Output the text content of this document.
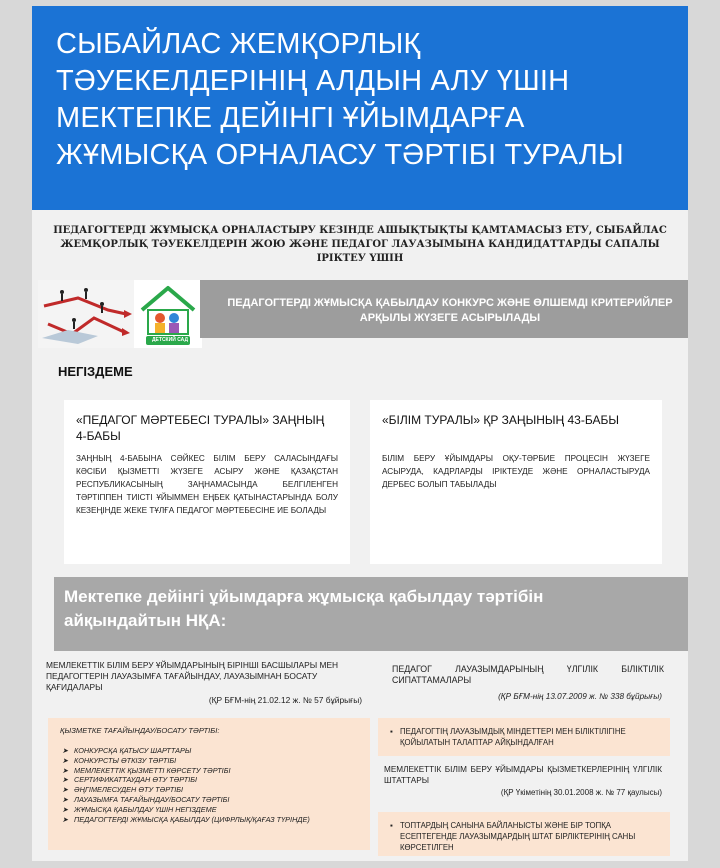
СЫБАЙЛАС ЖЕМҚОРЛЫҚ ТӘУЕКЕЛДЕРІНІҢ АЛДЫН АЛУ ҮШІН МЕКТЕПКЕ ДЕЙІНГІ ҰЙЫМДАРҒА ЖҰМЫСҚА ОРНАЛАСУ ТӘРТІБІ ТУРАЛЫ
ПЕДАГОГТЕРДІ ЖҰМЫСҚА ОРНАЛАСТЫРУ КЕЗІНДЕ АШЫҚТЫҚТЫ ҚАМТАМАСЫЗ ЕТУ, СЫБАЙЛАС ЖЕМҚОРЛЫҚ ТӘУЕКЕЛДЕРІН ЖОЮ ЖӘНЕ ПЕДАГОГ ЛАУАЗЫМЫНА КАНДИДАТТАРДЫ САПАЛЫ ІРІКТЕУ ҮШІН
ДЕТСКИЙ САД
ПЕДАГОГТЕРДІ ЖҰМЫСҚА ҚАБЫЛДАУ КОНКУРС ЖӘНЕ ӨЛШЕМДІ КРИТЕРИЙЛЕР АРҚЫЛЫ ЖҮЗЕГЕ АСЫРЫЛАДЫ
НЕГІЗДЕМЕ
«ПЕДАГОГ МӘРТЕБЕСІ ТУРАЛЫ» ЗАҢНЫҢ 4-БАБЫ
ЗАҢНЫҢ 4-БАБЫНА СӘЙКЕС БІЛІМ БЕРУ САЛАСЫНДАҒЫ КӘСІБИ ҚЫЗМЕТТІ ЖҮЗЕГЕ АСЫРУ ЖӘНЕ ҚАЗАҚСТАН РЕСПУБЛИКАСЫНЫҢ ЗАҢНАМАСЫНДА БЕЛГІЛЕНГЕН ТӘРТІППЕН ТИІСТІ ҰЙЫММЕН ЕҢБЕК ҚАТЫНАСТАРЫНДА БОЛУ КЕЗЕҢІНДЕ ЖЕКЕ ТҰЛҒА ПЕДАГОГ МӘРТЕБЕСІНЕ ИЕ БОЛАДЫ
«БІЛІМ ТУРАЛЫ» ҚР ЗАҢЫНЫҢ 43-БАБЫ
БІЛІМ БЕРУ ҰЙЫМДАРЫ ОҚУ-ТӘРБИЕ ПРОЦЕСІН ЖҮЗЕГЕ АСЫРУДА, КАДРЛАРДЫ ІРІКТЕУДЕ ЖӘНЕ ОРНАЛАСТЫРУДА ДЕРБЕС БОЛЫП ТАБЫЛАДЫ
Мектепке дейінгі ұйымдарға жұмысқа қабылдау тәртібін айқындайтын НҚА:
МЕМЛЕКЕТТІК БІЛІМ БЕРУ ҰЙЫМДАРЫНЫҢ БІРІНШІ БАСШЫЛАРЫ МЕН ПЕДАГОГТЕРІН ЛАУАЗЫМҒА ТАҒАЙЫНДАУ, ЛАУАЗЫМНАН БОСАТУ ҚАҒИДАЛАРЫ
(ҚР БҒМ-нің 21.02.12 ж. № 57 бұйрығы)
ҚЫЗМЕТКЕ ТАҒАЙЫНДАУ/БОСАТУ ТӘРТІБІ:
➤ КОНКУРСҚА ҚАТЫСУ ШАРТТАРЫ
➤ КОНКУРСТЫ ӨТКІЗУ ТӘРТІБІ
➤ МЕМЛЕКЕТТІК ҚЫЗМЕТТІ КӨРСЕТУ ТӘРТІБІ
➤ СЕРТИФИКАТТАУДАН ӨТУ ТӘРТІБІ
➤ ӘҢГІМЕЛЕСУДЕН ӨТУ ТӘРТІБІ
➤ ЛАУАЗЫМҒА ТАҒАЙЫНДАУ/БОСАТУ ТӘРТІБІ
➤ ЖҰМЫСҚА ҚАБЫЛДАУ ҮШІН НЕГІЗДЕМЕ
➤ ПЕДАГОГТЕРДІ ЖҰМЫСҚА ҚАБЫЛДАУ (ЦИФРЛЫҚ/ҚАҒАЗ ТҮРІНДЕ)
ПЕДАГОГ ЛАУАЗЫМДАРЫНЫҢ ҮЛГІЛІК БІЛІКТІЛІК СИПАТТАМАЛАРЫ
(ҚР БҒМ-нің 13.07.2009 ж. № 338 бұйрығы)
▪ ПЕДАГОГТІҢ ЛАУАЗЫМДЫҚ МІНДЕТТЕРІ МЕН БІЛІКТІЛІГІНЕ ҚОЙЫЛАТЫН ТАЛАПТАР АЙҚЫНДАЛҒАН
МЕМЛЕКЕТТІК БІЛІМ БЕРУ ҰЙЫМДАРЫ ҚЫЗМЕТКЕРЛЕРІНІҢ ҮЛГІЛІК ШТАТТАРЫ
(ҚР Үкіметінің 30.01.2008 ж. № 77 қаулысы)
▪ ТОПТАРДЫҢ САНЫНА БАЙЛАНЫСТЫ ЖӘНЕ БІР ТОПҚА ЕСЕПТЕГЕНДЕ ЛАУАЗЫМДАРДЫҢ ШТАТ БІРЛІКТЕРІНІҢ САНЫ КӨРСЕТІЛГЕН
